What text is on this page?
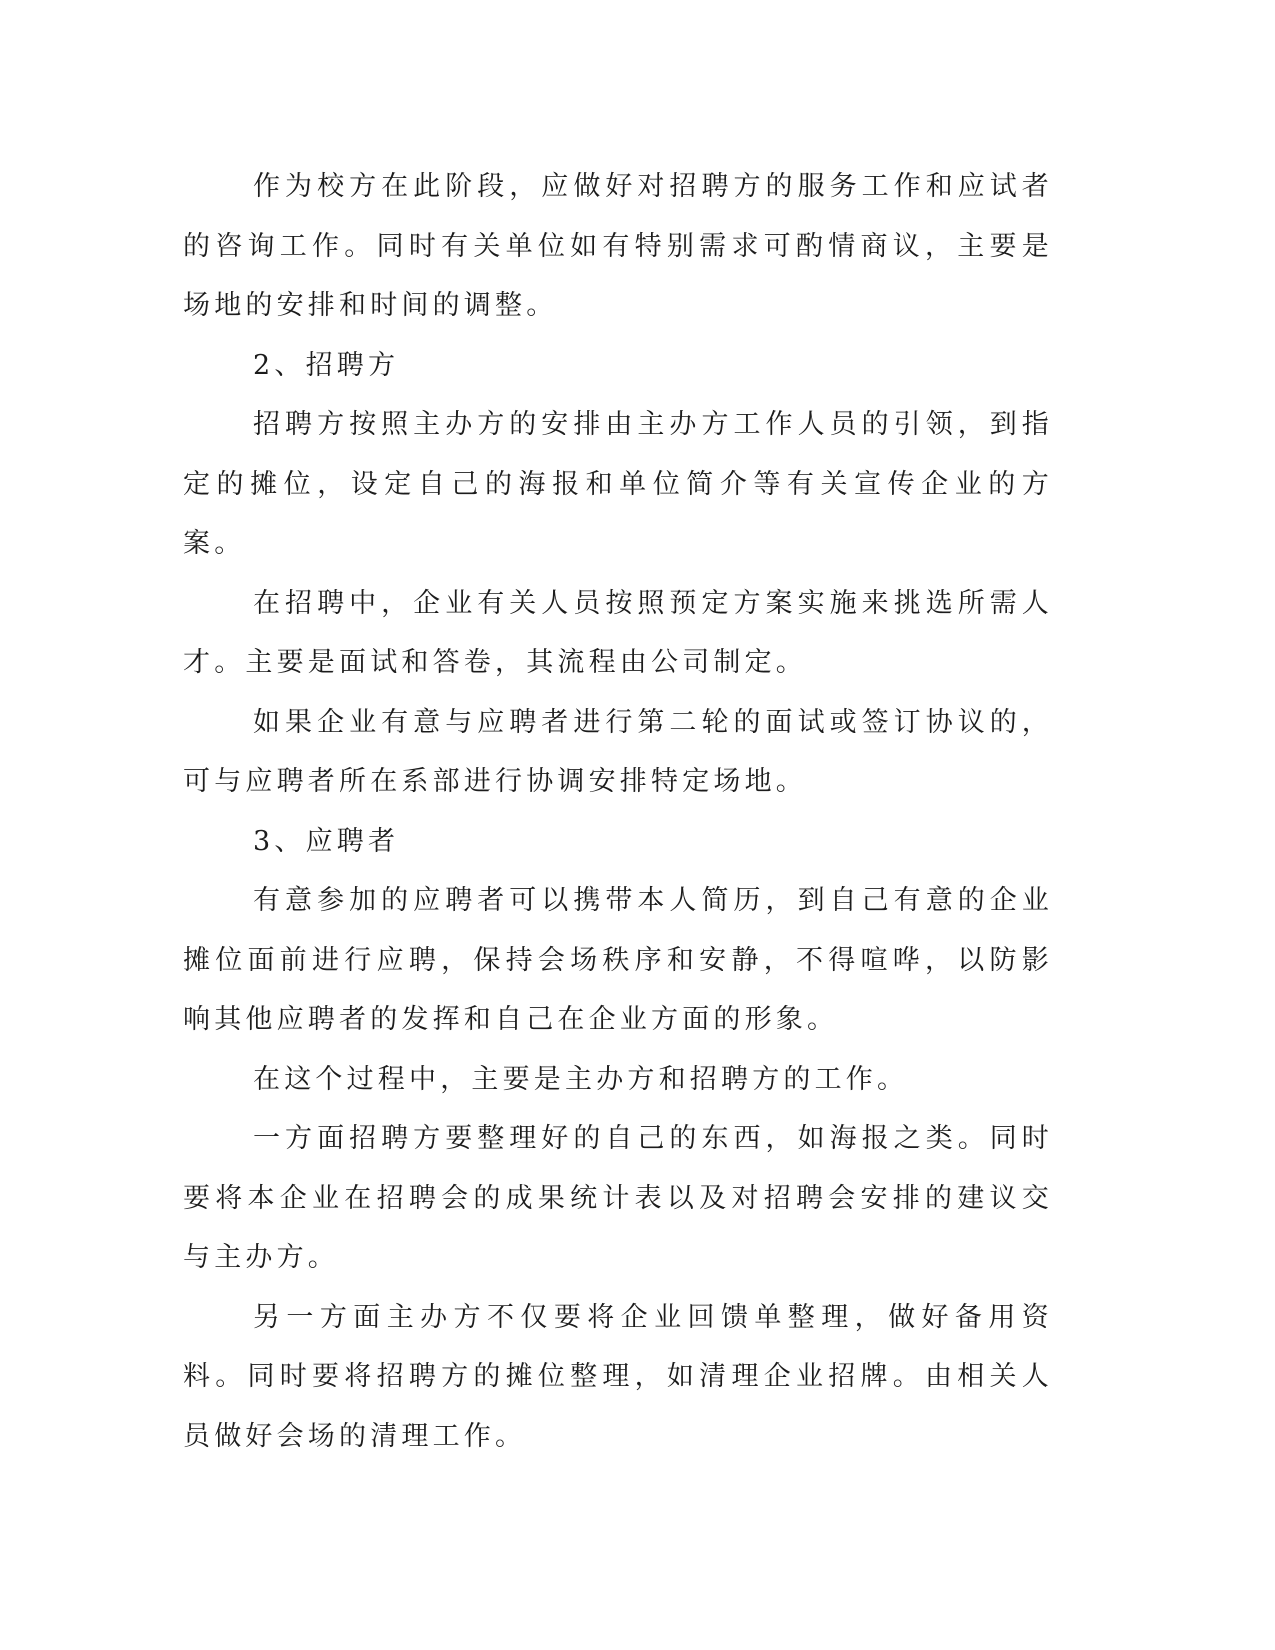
作为校方在此阶段，应做好对招聘方的服务工作和应试者的咨询工作。同时有关单位如有特别需求可酌情商议，主要是场地的安排和时间的调整。

2、招聘方

招聘方按照主办方的安排由主办方工作人员的引领，到指定的摊位，设定自己的海报和单位简介等有关宣传企业的方案。

在招聘中，企业有关人员按照预定方案实施来挑选所需人才。主要是面试和答卷，其流程由公司制定。

如果企业有意与应聘者进行第二轮的面试或签订协议的，可与应聘者所在系部进行协调安排特定场地。

3、应聘者

有意参加的应聘者可以携带本人简历，到自己有意的企业摊位面前进行应聘，保持会场秩序和安静，不得喧哗，以防影响其他应聘者的发挥和自己在企业方面的形象。

在这个过程中，主要是主办方和招聘方的工作。

一方面招聘方要整理好的自己的东西，如海报之类。同时要将本企业在招聘会的成果统计表以及对招聘会安排的建议交与主办方。

另一方面主办方不仅要将企业回馈单整理，做好备用资料。同时要将招聘方的摊位整理，如清理企业招牌。由相关人员做好会场的清理工作。
